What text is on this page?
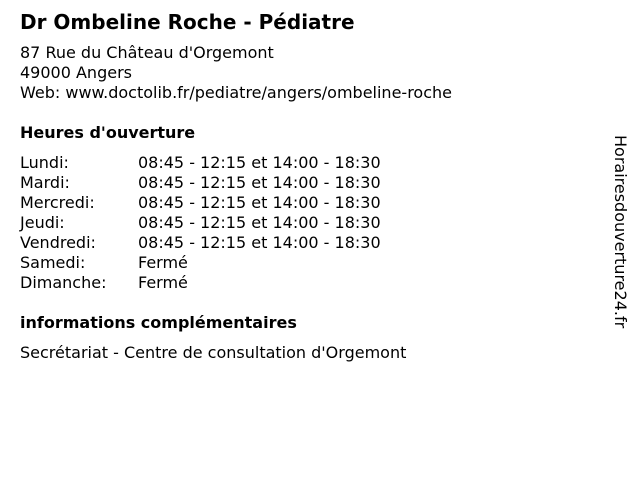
Dr Ombeline Roche - Pédiatre
87 Rue du Château d'Orgemont
49000 Angers
Web: www.doctolib.fr/pediatre/angers/ombeline-roche
Heures d'ouverture
Lundi:	08:45 - 12:15 et 14:00 - 18:30
Mardi:	08:45 - 12:15 et 14:00 - 18:30
Mercredi:	08:45 - 12:15 et 14:00 - 18:30
Jeudi:	08:45 - 12:15 et 14:00 - 18:30
Vendredi:	08:45 - 12:15 et 14:00 - 18:30
Samedi:	Fermé
Dimanche:	Fermé
informations complémentaires
Secrétariat - Centre de consultation d'Orgemont
Horairesdouverture24.fr
